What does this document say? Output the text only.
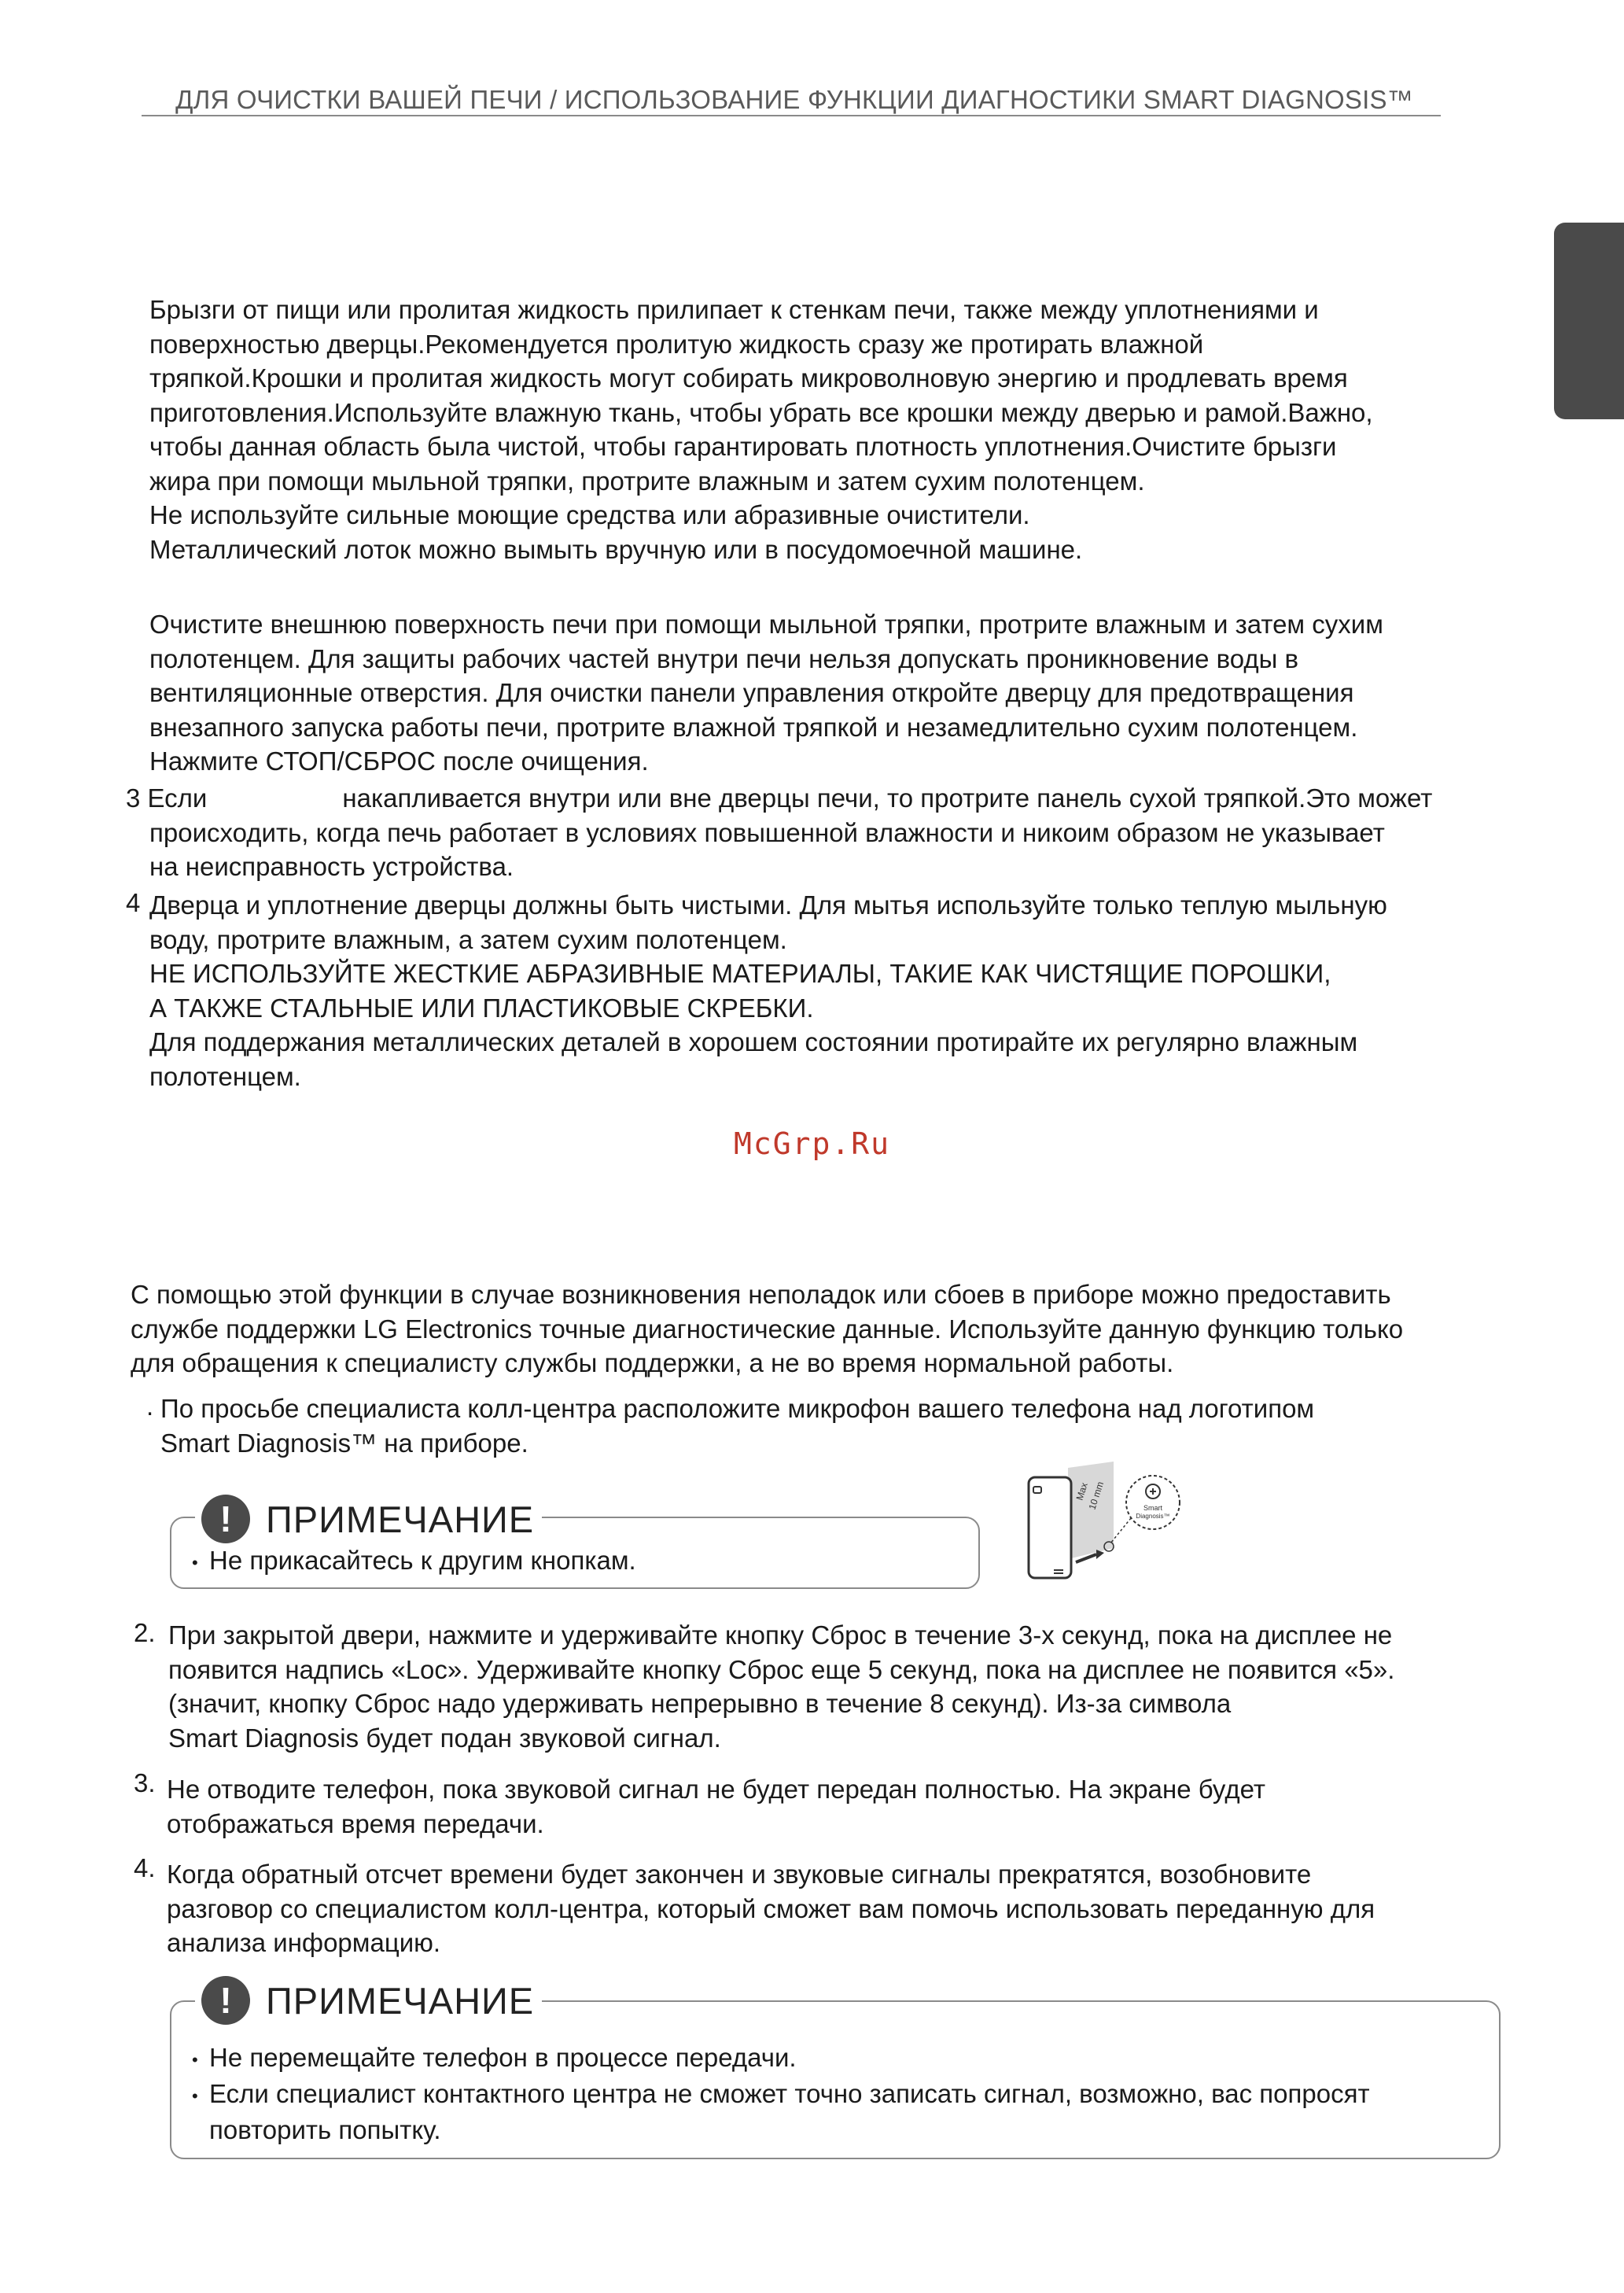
ДЛЯ ОЧИСТКИ ВАШЕЙ ПЕЧИ / ИСПОЛЬЗОВАНИЕ ФУНКЦИИ ДИАГНОСТИКИ SMART DIAGNOSIS™
Брызги от пищи или пролитая жидкость прилипает к стенкам печи, также между уплотнениями и
поверхностью дверцы.Рекомендуется пролитую жидкость сразу же протирать влажной
тряпкой.Крошки и пролитая жидкость могут собирать микроволновую энергию и продлевать время
приготовления.Используйте влажную ткань, чтобы убрать все крошки между дверью и рамой.Важно,
чтобы данная область была чистой, чтобы гарантировать плотность уплотнения.Очистите брызги
жира при помощи мыльной тряпки, протрите влажным и затем сухим полотенцем.
Не используйте сильные моющие средства или абразивные очистители.
Металлический лоток можно вымыть вручную или в посудомоечной машине.
Очистите внешнюю поверхность печи при помощи мыльной тряпки, протрите влажным и затем сухим
полотенцем. Для защиты рабочих частей внутри печи нельзя допускать проникновение воды в
вентиляционные отверстия. Для очистки панели управления откройте дверцу для предотвращения
внезапного запуска работы печи, протрите влажной тряпкой и незамедлительно сухим полотенцем.
Нажмите СТОП/СБРОС после очищения.
3 Если	накапливается внутри или вне дверцы печи, то протрите панель сухой тряпкой.Это может
происходить, когда печь работает в условиях повышенной влажности и никоим образом не указывает
на неисправность устройства.
4 Дверца и уплотнение дверцы должны быть чистыми. Для мытья используйте только теплую мыльную
воду, протрите влажным, а затем сухим полотенцем.
НЕ ИСПОЛЬЗУЙТЕ ЖЕСТКИЕ АБРАЗИВНЫЕ МАТЕРИАЛЫ, ТАКИЕ КАК ЧИСТЯЩИЕ ПОРОШКИ,
А ТАКЖЕ СТАЛЬНЫЕ ИЛИ ПЛАСТИКОВЫЕ СКРЕБКИ.
Для поддержания металлических деталей в хорошем состоянии протирайте их регулярно влажным
полотенцем.
McGrp.Ru
С помощью этой функции в случае возникновения неполадок или сбоев в приборе можно предоставить
службе поддержки LG Electronics точные диагностические данные. Используйте данную функцию только
для обращения к специалисту службы поддержки, а не во время нормальной работы.
. По просьбе специалиста колл-центра расположите микрофон вашего телефона над логотипом
Smart Diagnosis™ на приборе.
! ПРИМЕЧАНИЕ
• Не прикасайтесь к другим кнопкам.
Max
10 mm	Smart
Diagnosis™
2. При закрытой двери, нажмите и удерживайте кнопку Сброс в течение 3-х секунд, пока на дисплее не
появится надпись «Loc». Удерживайте кнопку Сброс еще 5 секунд, пока на дисплее не появится «5».
(значит, кнопку Сброс надо удерживать непрерывно в течение 8 секунд). Из-за символа
Smart Diagnosis будет подан звуковой сигнал.
3. Не отводите телефон, пока звуковой сигнал не будет передан полностью. На экране будет
отображаться время передачи.
4. Когда обратный отсчет времени будет закончен и звуковые сигналы прекратятся, возобновите
разговор со специалистом колл-центра, который сможет вам помочь использовать переданную для
анализа информацию.
! ПРИМЕЧАНИЕ
• Не перемещайте телефон в процессе передачи.
• Если специалист контактного центра не сможет точно записать сигнал, возможно, вас попросят
повторить попытку.
